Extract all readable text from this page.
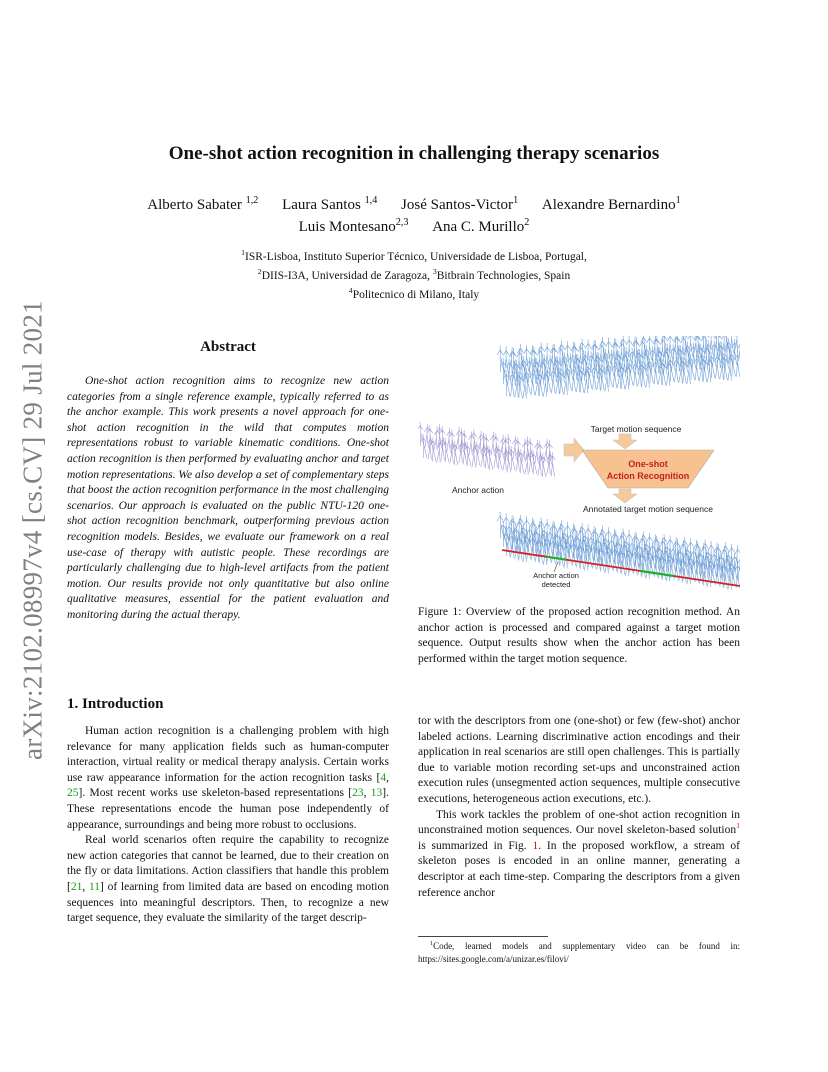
arXiv:2102.08997v4 [cs.CV] 29 Jul 2021
One-shot action recognition in challenging therapy scenarios
Alberto Sabater $^{1,2}$ Laura Santos $^{1,4}$ José Santos-Victor$^1$ Alexandre Bernardino$^1$
Luis Montesano$^{2,3}$ Ana C. Murillo$^2$
$^1$ISR-Lisboa, Instituto Superior Técnico, Universidade de Lisboa, Portugal,
$^2$DIIS-I3A, Universidad de Zaragoza, $^3$Bitbrain Technologies, Spain
$^4$Politecnico di Milano, Italy
Abstract
One-shot action recognition aims to recognize new action categories from a single reference example, typically referred to as the anchor example. This work presents a novel approach for one-shot action recognition in the wild that computes motion representations robust to variable kinematic conditions. One-shot action recognition is then performed by evaluating anchor and target motion representations. We also develop a set of complementary steps that boost the action recognition performance in the most challenging scenarios. Our approach is evaluated on the public NTU-120 one-shot action recognition benchmark, outperforming previous action recognition models. Besides, we evaluate our framework on a real use-case of therapy with autistic people. These recordings are particularly challenging due to high-level artifacts from the patient motion. Our results provide not only quantitative but also online qualitative measures, essential for the patient evaluation and monitoring during the actual therapy.
Target motion sequence
One-shot
Action Recognition
Anchor action
Annotated target motion sequence
Anchor action
detected
Figure 1: Overview of the proposed action recognition method. An anchor action is processed and compared against a target motion sequence. Output results show when the anchor action has been performed within the target motion sequence.
1. Introduction

Human action recognition is a challenging problem with high relevance for many application fields such as human-computer interaction, virtual reality or medical therapy analysis. Certain works use raw appearance information for the action recognition tasks [4, 25]. Most recent works use skeleton-based representations [23, 13]. These representations encode the human pose independently of appearance, surroundings and being more robust to occlusions.

Real world scenarios often require the capability to recognize new action categories that cannot be learned, due to their creation on the fly or data limitations. Action classifiers that handle this problem [21, 11] of learning from limited data are based on encoding motion sequences into meaningful descriptors. Then, to recognize a new target sequence, they evaluate the similarity of the target descrip-

tor with the descriptors from one (one-shot) or few (few-shot) anchor labeled actions. Learning discriminative action encodings and their application in real scenarios are still open challenges. This is partially due to variable motion recording set-ups and unconstrained action execution rules (unsegmented action sequences, multiple consecutive executions, heterogeneous action executions, etc.).

This work tackles the problem of one-shot action recognition in unconstrained motion sequences. Our novel skeleton-based solution$^1$ is summarized in Fig. 1. In the proposed workflow, a stream of skeleton poses is encoded in an online manner, generating a descriptor at each time-step. Comparing the descriptors from a given reference anchor

$^1$Code, learned models and supplementary video can be found in: https://sites.google.com/a/unizar.es/filovi/
